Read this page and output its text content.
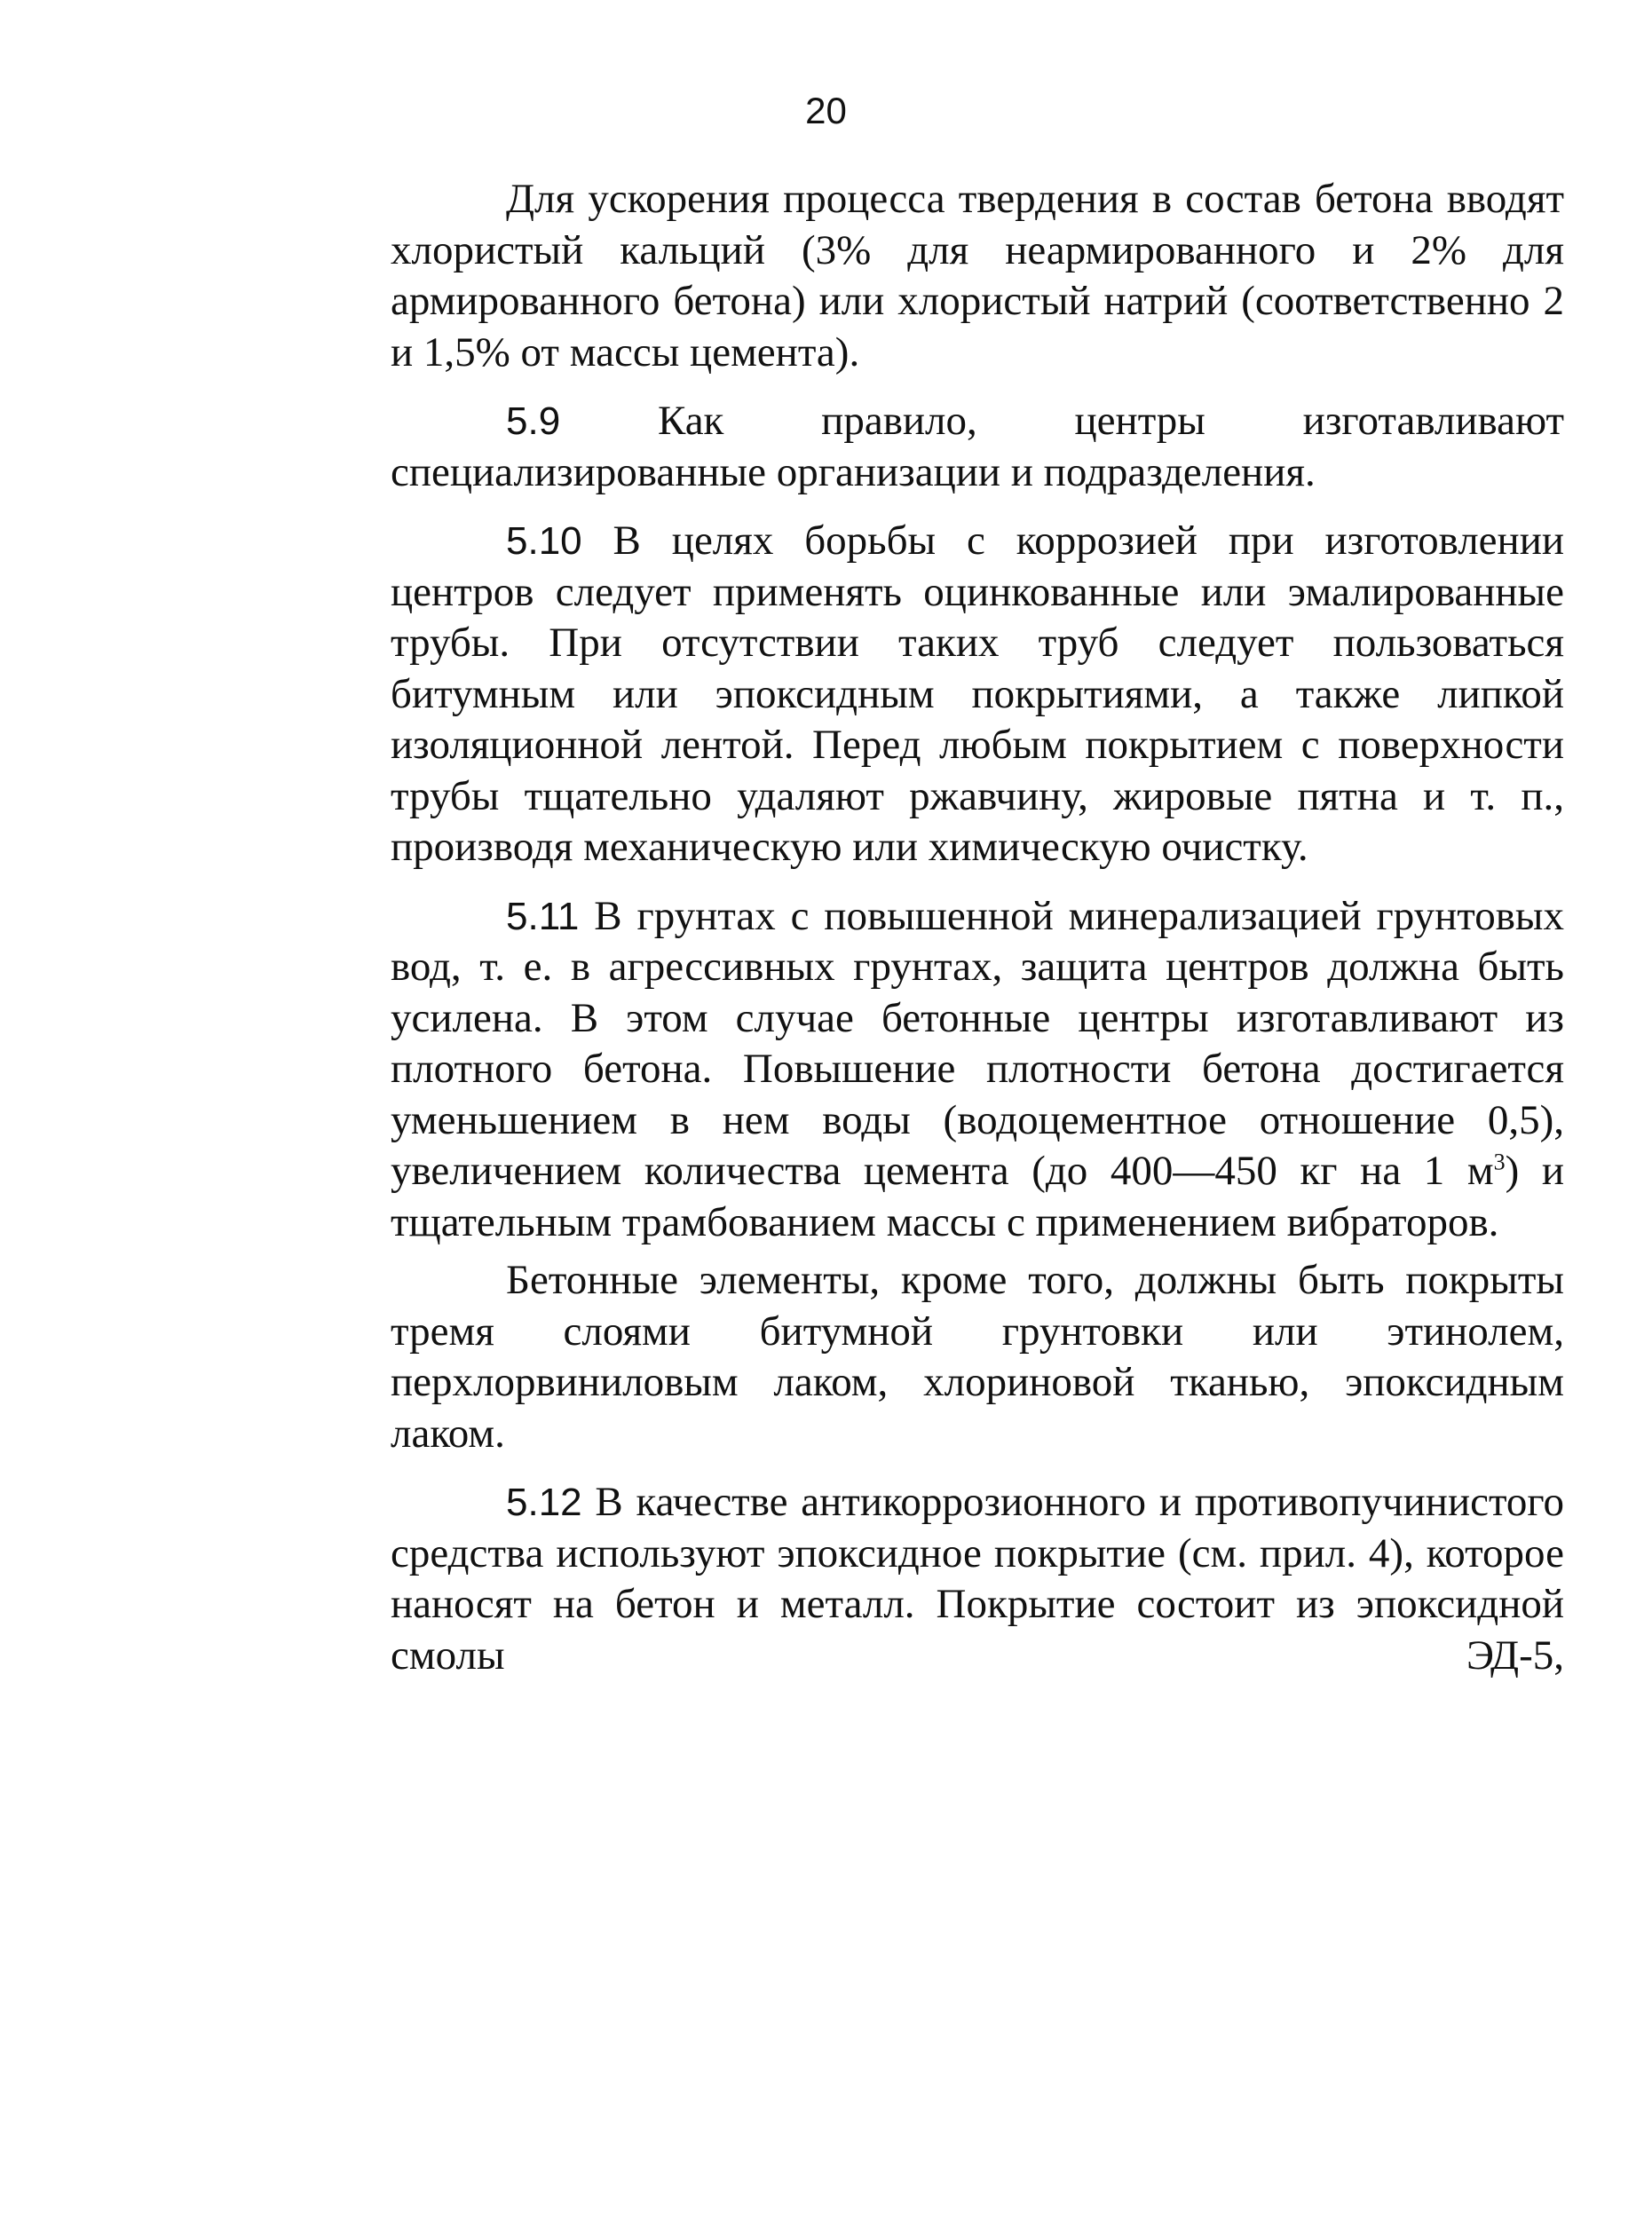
20

Для ускорения процесса твердения в состав бетона вводят хлористый кальций (3% для неармированного и 2% для армированного бетона) или хлористый натрий (соответственно 2 и 1,5% от массы цемента).

5.9 Как правило, центры изготавливают специализированные организации и подразделения.

5.10 В целях борьбы с коррозией при изготовлении центров следует применять оцинкованные или эмалированные трубы. При отсутствии таких труб следует пользоваться битумным или эпоксидным покрытиями, а также липкой изоляционной лентой. Перед любым покрытием с поверхности трубы тщательно удаляют ржавчину, жировые пятна и т. п., производя механическую или химическую очистку.

5.11 В грунтах с повышенной минерализацией грунтовых вод, т. е. в агрессивных грунтах, защита центров должна быть усилена. В этом случае бетонные центры изготавливают из плотного бетона. Повышение плотности бетона достигается уменьшением в нем воды (водоцементное отношение 0,5), увеличением количества цемента (до 400—450 кг на 1 $м^3$) и тщательным трамбованием массы с применением вибраторов.

Бетонные элементы, кроме того, должны быть покрыты тремя слоями битумной грунтовки или этинолем, перхлорвиниловым лаком, хлориновой тканью, эпоксидным лаком.

5.12 В качестве антикоррозионного и противопучинистого средства используют эпоксидное покрытие (см. прил. 4), которое наносят на бетон и металл. Покрытие состоит из эпоксидной смолы ЭД-5,
